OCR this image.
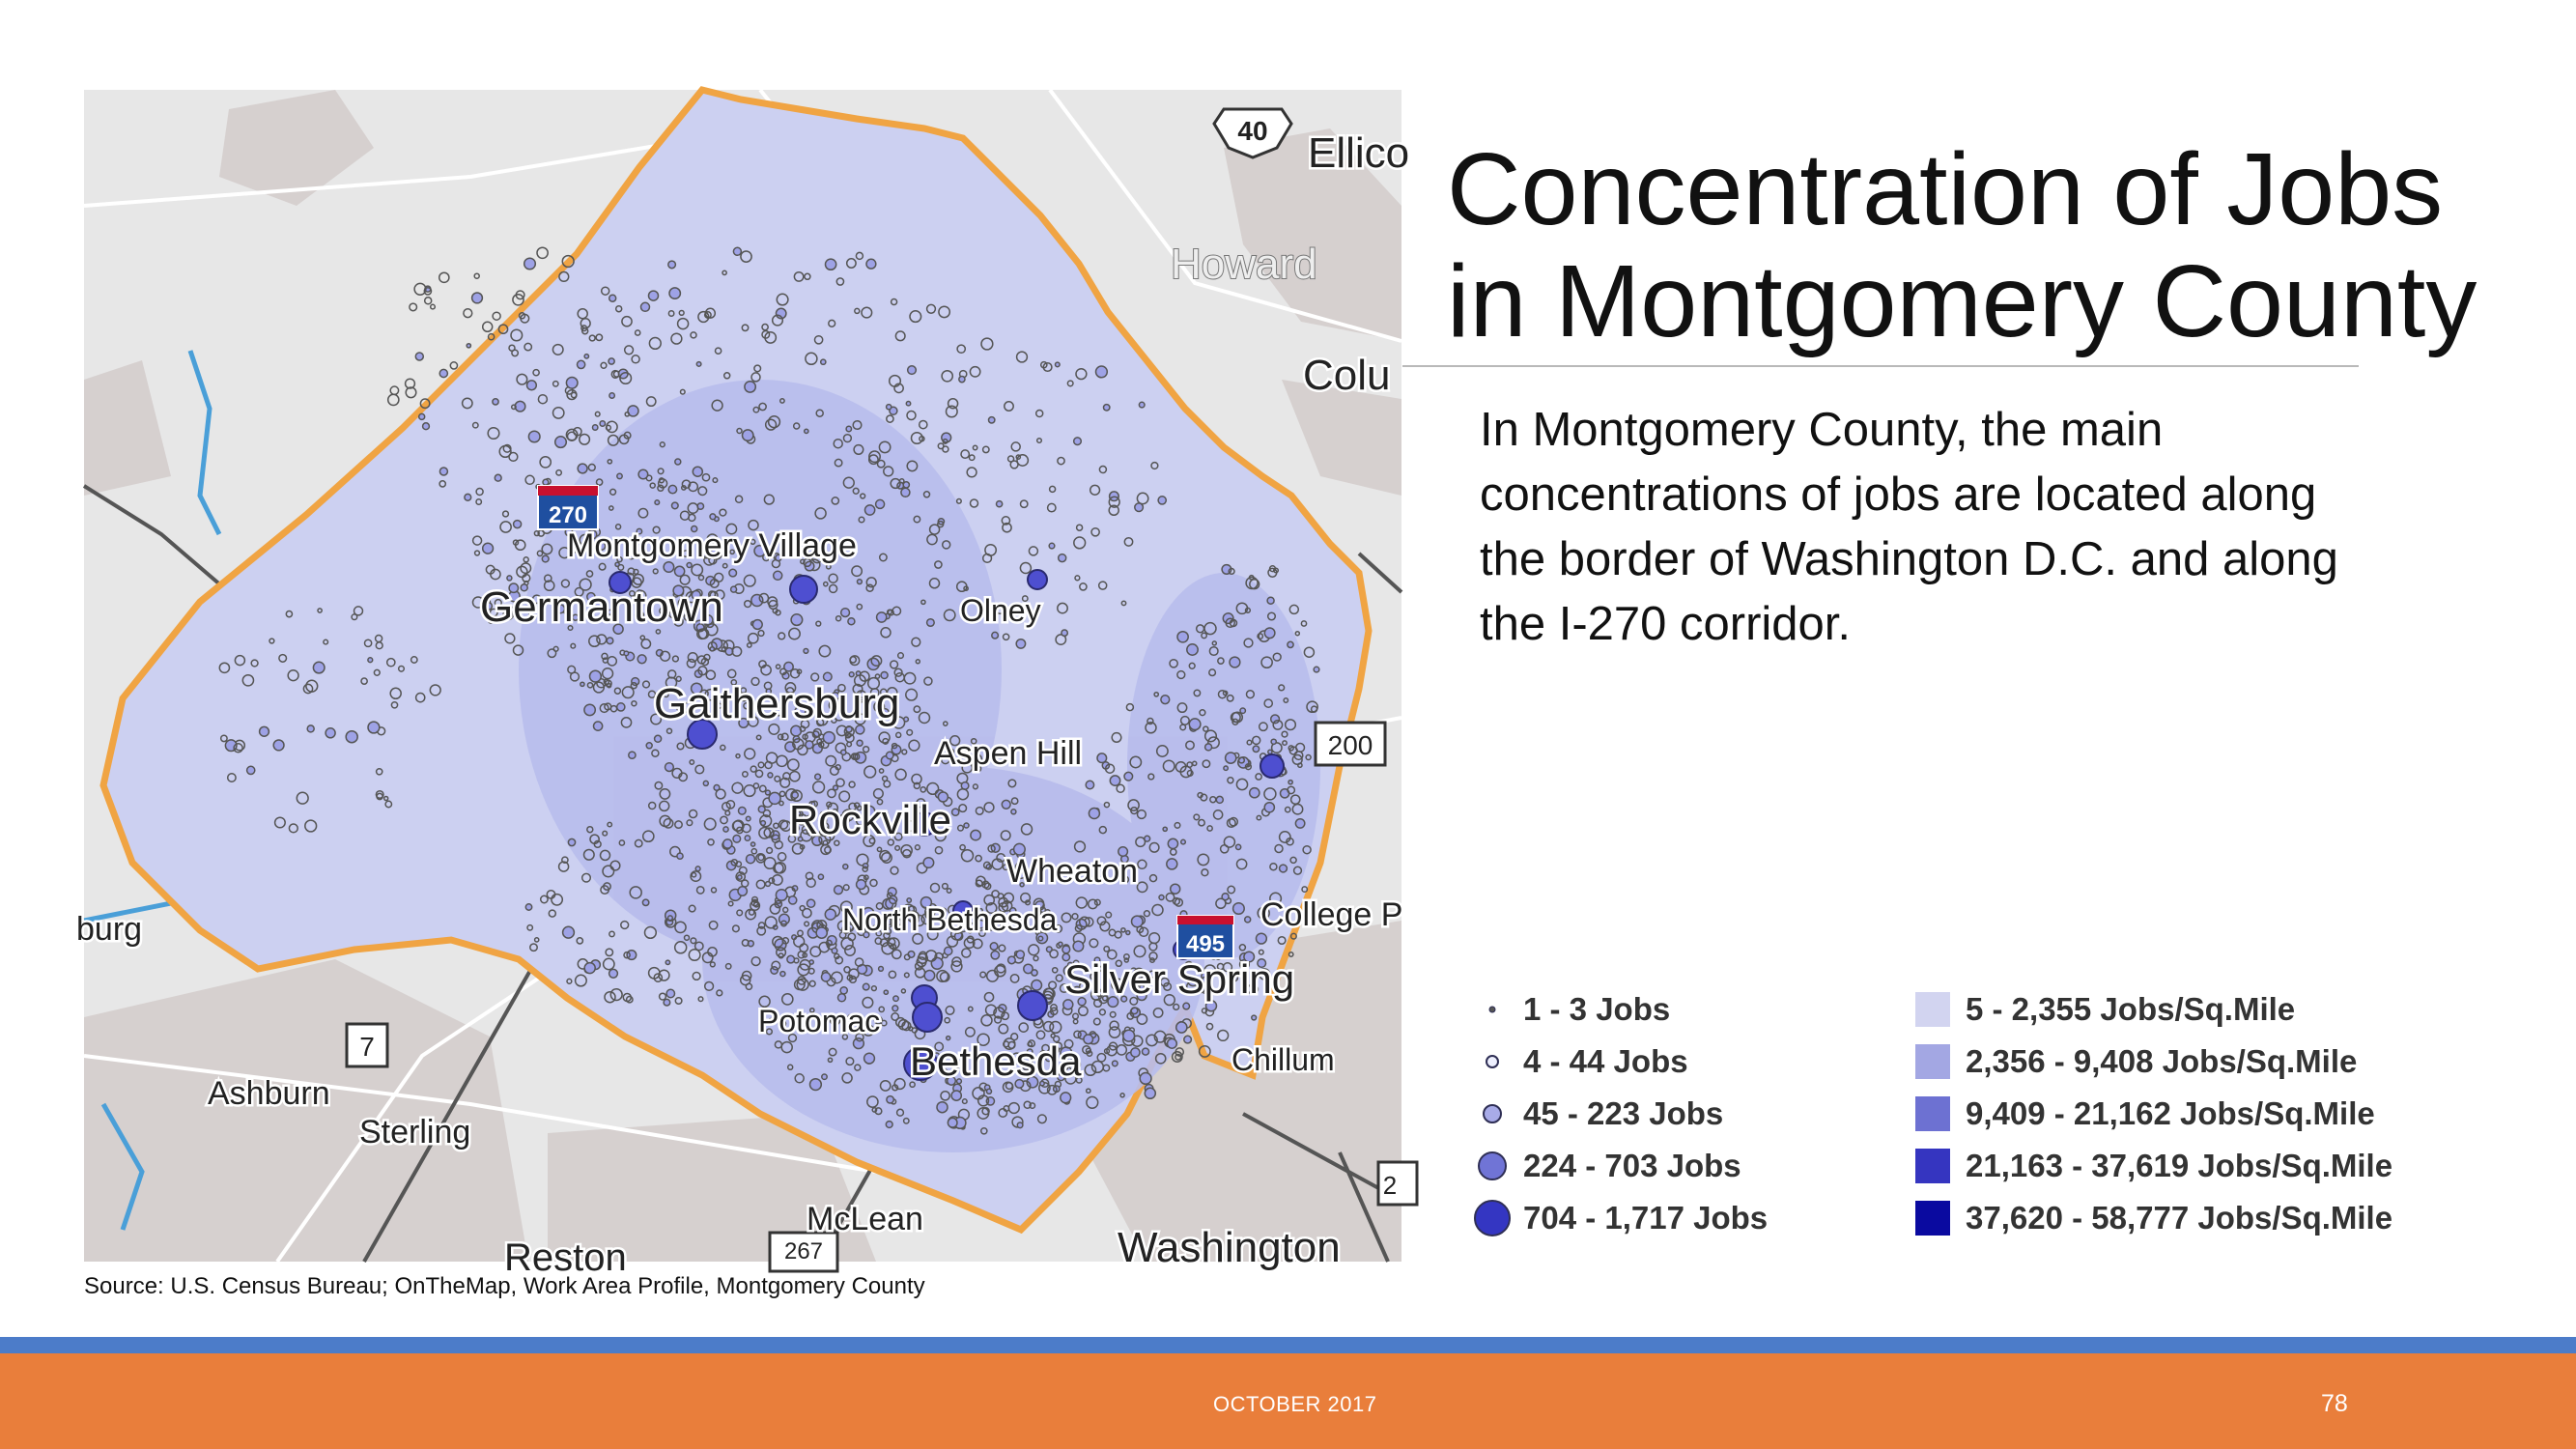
40
270
495
200
7
267
2
Montgomery Village
Germantown	Olney
Gaithersburg
Aspen Hill
Rockville
Wheaton
North Bethesda
Silver Spring
Potomac
Bethesda
College P
Chillum
Ashburn
Sterling
McLean
Washington
Reston
Howard
Ellico
Colu
burg
Concentration of Jobs
in Montgomery County
In Montgomery County, the main concentrations of jobs are located along the border of Washington D.C. and along the I-270 corridor.
1 - 3 Jobs
4 - 44 Jobs
45 - 223 Jobs
224 - 703 Jobs
704 - 1,717 Jobs
5 - 2,355 Jobs/Sq.Mile
2,356 - 9,408 Jobs/Sq.Mile
9,409 - 21,162 Jobs/Sq.Mile
21,163 - 37,619 Jobs/Sq.Mile
37,620 - 58,777 Jobs/Sq.Mile
Source: U.S. Census Bureau; OnTheMap, Work Area Profile, Montgomery County
OCTOBER 2017	78
